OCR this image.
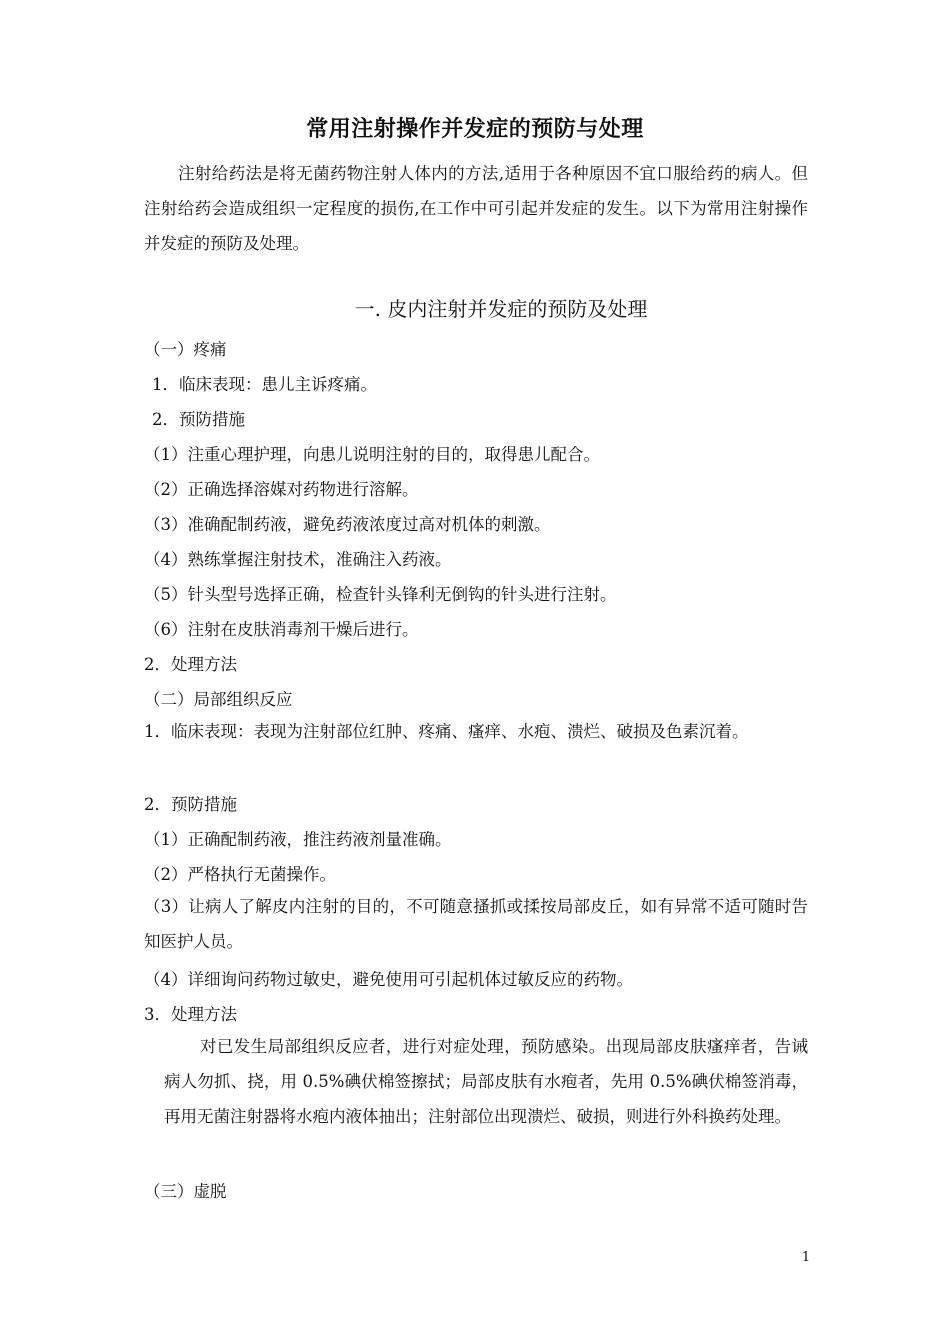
常用注射操作并发症的预防与处理

注射给药法是将无菌药物注射人体内的方法,适用于各种原因不宜口服给药的病人。但注射给药会造成组织一定程度的损伤,在工作中可引起并发症的发生。以下为常用注射操作并发症的预防及处理。

一. 皮内注射并发症的预防及处理

（一）疼痛

1．临床表现：患儿主诉疼痛。

2．预防措施

（1）注重心理护理，向患儿说明注射的目的，取得患儿配合。

（2）正确选择溶媒对药物进行溶解。

（3）准确配制药液，避免药液浓度过高对机体的刺激。

（4）熟练掌握注射技术，准确注入药液。

（5）针头型号选择正确，检查针头锋利无倒钩的针头进行注射。

（6）注射在皮肤消毒剂干燥后进行。

2．处理方法

（二）局部组织反应

1．临床表现：表现为注射部位红肿、疼痛、瘙痒、水疱、溃烂、破损及色素沉着。

2．预防措施

（1）正确配制药液，推注药液剂量准确。

（2）严格执行无菌操作。

（3）让病人了解皮内注射的目的，不可随意搔抓或揉按局部皮丘，如有异常不适可随时告知医护人员。

（4）详细询问药物过敏史，避免使用可引起机体过敏反应的药物。

3．处理方法

对已发生局部组织反应者，进行对症处理，预防感染。出现局部皮肤瘙痒者，告诫病人勿抓、挠，用 0.5%碘伏棉签擦拭；局部皮肤有水疱者，先用 0.5%碘伏棉签消毒，再用无菌注射器将水疱内液体抽出；注射部位出现溃烂、破损，则进行外科换药处理。

（三）虚脱

1
